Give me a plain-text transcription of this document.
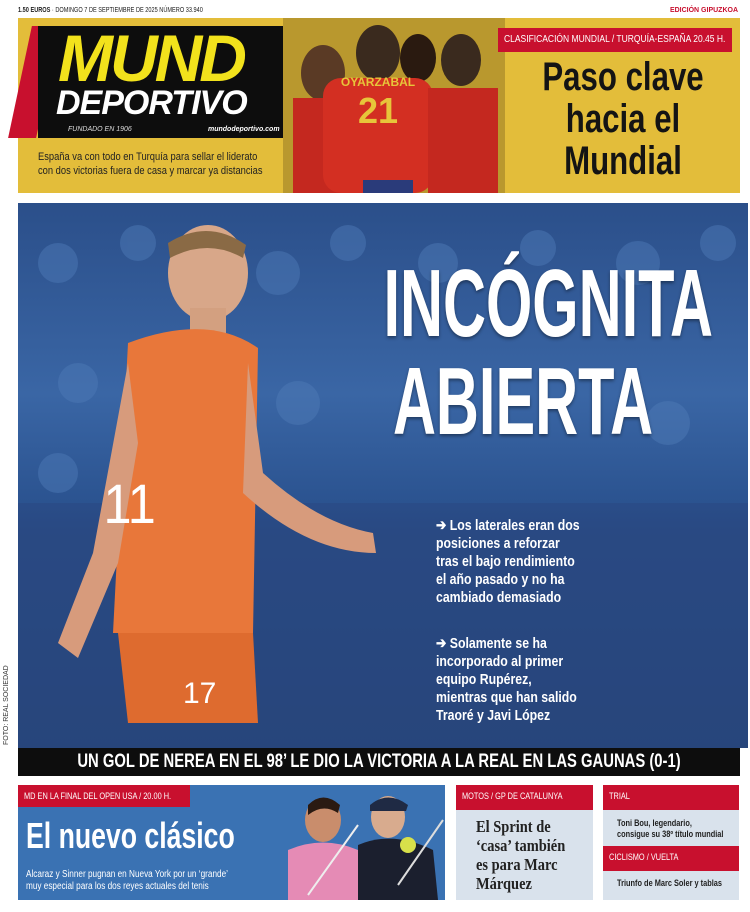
1.50 EUROS · DOMINGO 7 DE SEPTIEMBRE DE 2025 NÚMERO 33.940	EDICIÓN GIPUZKOA
MUND
DEPORTIVO
FUNDADO EN 1906	mundodeportivo.com
OYARZABAL
21
CLASIFICACIÓN MUNDIAL / TURQUÍA-ESPAÑA 20.45 H.
Paso clave
hacia el
Mundial
España va con todo en Turquía para sellar el liderato
con dos victorias fuera de casa y marcar ya distancias
11
17
INCÓGNITA
ABIERTA
➔ Los laterales eran dos
posiciones a reforzar
tras el bajo rendimiento
el año pasado y no ha
cambiado demasiado
➔ Solamente se ha
incorporado al primer
equipo Rupérez,
mientras que han salido
Traoré y Javi López
FOTO: REAL SOCIEDAD
UN GOL DE NEREA EN EL 98’ LE DIO LA VICTORIA A LA REAL EN LAS GAUNAS (0-1)
MD EN LA FINAL DEL OPEN USA / 20.00 H.
El nuevo clásico
Alcaraz y Sinner pugnan en Nueva York por un ‘grande’
muy especial para los dos reyes actuales del tenis
MOTOS / GP DE CATALUNYA
El Sprint de
‘casa’ también
es para Marc
Márquez
TRIAL
Toni Bou, legendario,
consigue su 38º título mundial
CICLISMO / VUELTA
Triunfo de Marc Soler y tablas
